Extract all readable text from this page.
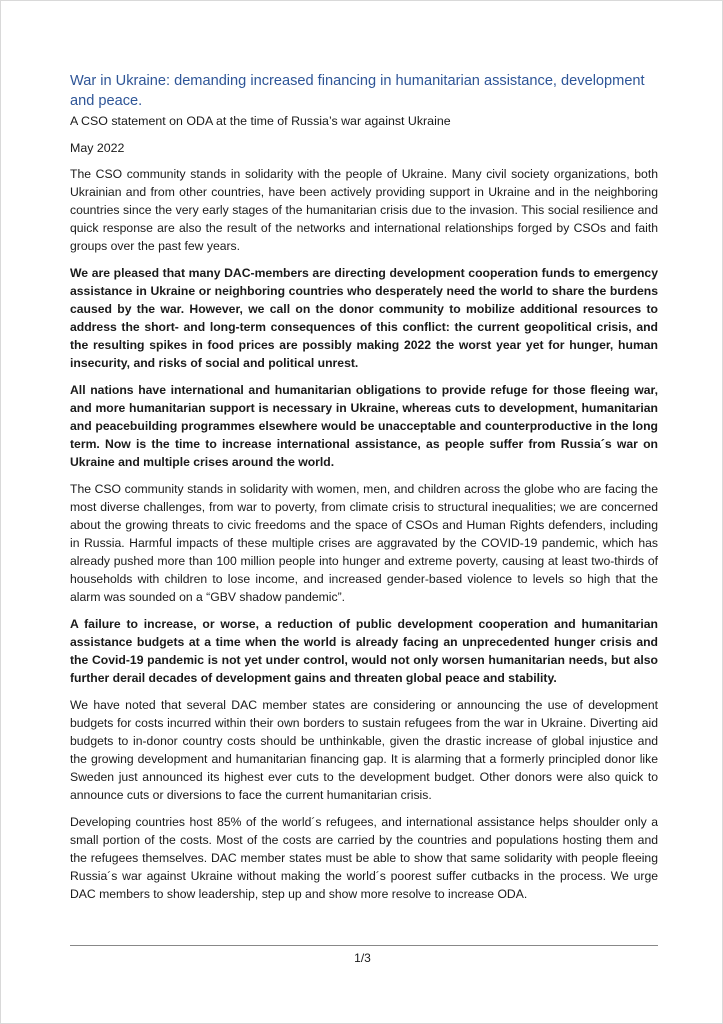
War in Ukraine: demanding increased financing in humanitarian assistance, development and peace.
A CSO statement on ODA at the time of Russia’s war against Ukraine
May 2022

The CSO community stands in solidarity with the people of Ukraine. Many civil society organizations, both Ukrainian and from other countries, have been actively providing support in Ukraine and in the neighboring countries since the very early stages of the humanitarian crisis due to the invasion. This social resilience and quick response are also the result of the networks and international relationships forged by CSOs and faith groups over the past few years.

We are pleased that many DAC-members are directing development cooperation funds to emergency assistance in Ukraine or neighboring countries who desperately need the world to share the burdens caused by the war. However, we call on the donor community to mobilize additional resources to address the short- and long-term consequences of this conflict: the current geopolitical crisis, and the resulting spikes in food prices are possibly making 2022 the worst year yet for hunger, human insecurity, and risks of social and political unrest.

All nations have international and humanitarian obligations to provide refuge for those fleeing war, and more humanitarian support is necessary in Ukraine, whereas cuts to development, humanitarian and peacebuilding programmes elsewhere would be unacceptable and counterproductive in the long term. Now is the time to increase international assistance, as people suffer from Russia´s war on Ukraine and multiple crises around the world.

The CSO community stands in solidarity with women, men, and children across the globe who are facing the most diverse challenges, from war to poverty, from climate crisis to structural inequalities; we are concerned about the growing threats to civic freedoms and the space of CSOs and Human Rights defenders, including in Russia. Harmful impacts of these multiple crises are aggravated by the COVID-19 pandemic, which has already pushed more than 100 million people into hunger and extreme poverty, causing at least two-thirds of households with children to lose income, and increased gender-based violence to levels so high that the alarm was sounded on a “GBV shadow pandemic”.

A failure to increase, or worse, a reduction of public development cooperation and humanitarian assistance budgets at a time when the world is already facing an unprecedented hunger crisis and the Covid-19 pandemic is not yet under control, would not only worsen humanitarian needs, but also further derail decades of development gains and threaten global peace and stability.

We have noted that several DAC member states are considering or announcing the use of development budgets for costs incurred within their own borders to sustain refugees from the war in Ukraine. Diverting aid budgets to in-donor country costs should be unthinkable, given the drastic increase of global injustice and the growing development and humanitarian financing gap. It is alarming that a formerly principled donor like Sweden just announced its highest ever cuts to the development budget. Other donors were also quick to announce cuts or diversions to face the current humanitarian crisis.

Developing countries host 85% of the world´s refugees, and international assistance helps shoulder only a small portion of the costs. Most of the costs are carried by the countries and populations hosting them and the refugees themselves. DAC member states must be able to show that same solidarity with people fleeing Russia´s war against Ukraine without making the world´s poorest suffer cutbacks in the process. We urge DAC members to show leadership, step up and show more resolve to increase ODA.

1/3
